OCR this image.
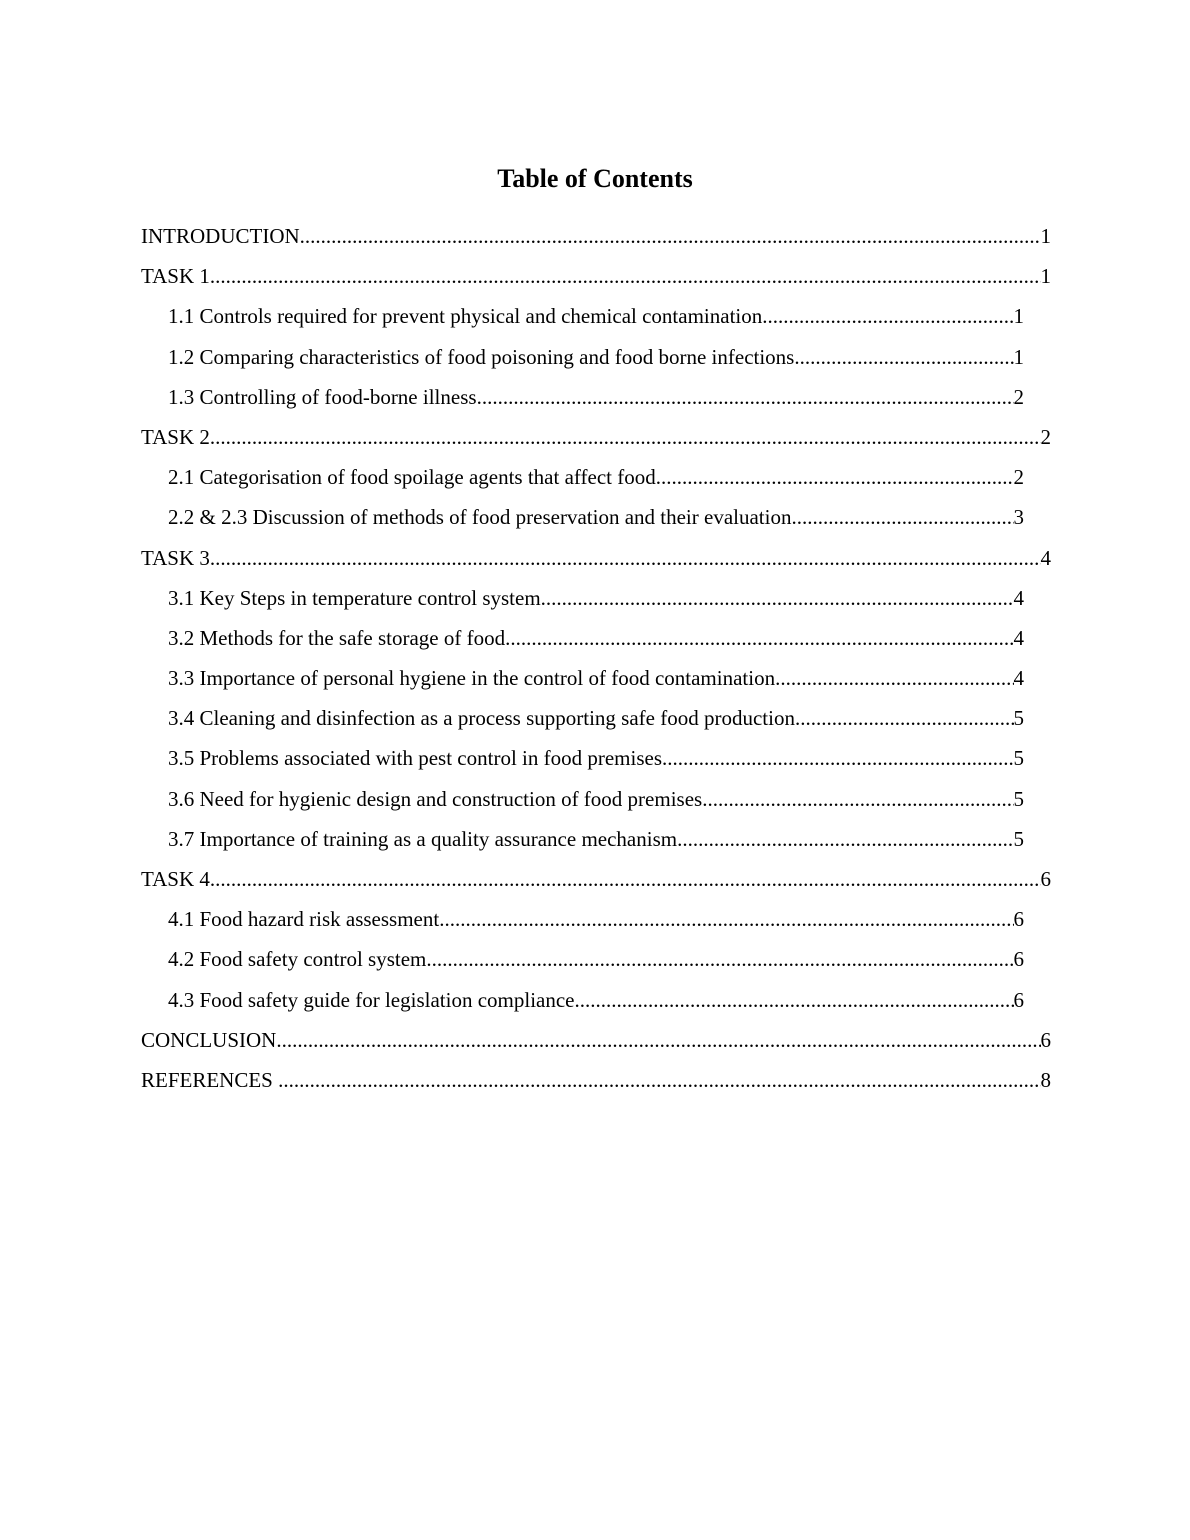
Table of Contents
INTRODUCTION .....	1
TASK 1 .....	1
1.1 Controls required for prevent physical and chemical contamination .....	1
1.2 Comparing characteristics of food poisoning and food borne infections .....	1
1.3 Controlling of food-borne illness .....	2
TASK 2 .....	2
2.1 Categorisation of food spoilage agents that affect food .....	2
2.2 & 2.3 Discussion of methods of food preservation and their evaluation .....	3
TASK 3 .....	4
3.1 Key Steps in temperature control system .....	4
3.2 Methods for the safe storage of food .....	4
3.3 Importance of personal hygiene in the control of food contamination .....	4
3.4 Cleaning and disinfection as a process supporting safe food production .....	5
3.5 Problems associated with pest control in food premises .....	5
3.6 Need for hygienic design and construction of food premises .....	5
3.7 Importance of training as a quality assurance mechanism .....	5
TASK 4 .....	6
4.1 Food hazard risk assessment .....	6
4.2 Food safety control system .....	6
4.3 Food safety guide for legislation compliance .....	6
CONCLUSION .....	6
REFERENCES .....	8
